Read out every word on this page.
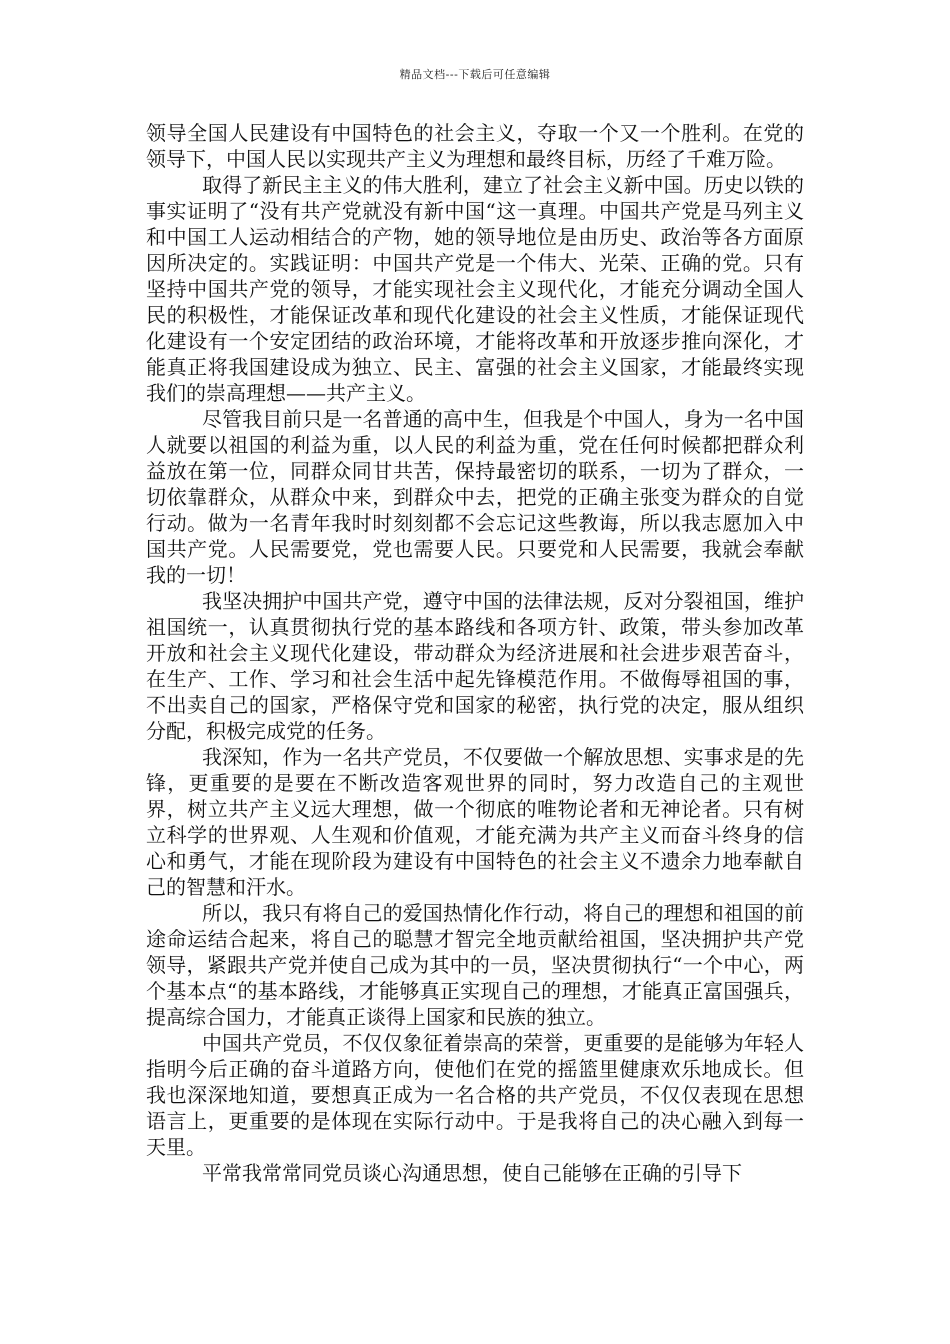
精品文档---下载后可任意编辑

领导全国人民建设有中国特色的社会主义，夺取一个又一个胜利。在党的领导下，中国人民以实现共产主义为理想和最终目标，历经了千难万险。

取得了新民主主义的伟大胜利，建立了社会主义新中国。历史以铁的事实证明了“没有共产党就没有新中国“这一真理。中国共产党是马列主义和中国工人运动相结合的产物，她的领导地位是由历史、政治等各方面原因所决定的。实践证明：中国共产党是一个伟大、光荣、正确的党。只有坚持中国共产党的领导，才能实现社会主义现代化，才能充分调动全国人民的积极性，才能保证改革和现代化建设的社会主义性质，才能保证现代化建设有一个安定团结的政治环境，才能将改革和开放逐步推向深化，才能真正将我国建设成为独立、民主、富强的社会主义国家，才能最终实现我们的崇高理想——共产主义。

尽管我目前只是一名普通的高中生，但我是个中国人，身为一名中国人就要以祖国的利益为重，以人民的利益为重，党在任何时候都把群众利益放在第一位，同群众同甘共苦，保持最密切的联系，一切为了群众，一切依靠群众，从群众中来，到群众中去，把党的正确主张变为群众的自觉行动。做为一名青年我时时刻刻都不会忘记这些教诲，所以我志愿加入中国共产党。人民需要党，党也需要人民。只要党和人民需要，我就会奉献我的一切！

我坚决拥护中国共产党，遵守中国的法律法规，反对分裂祖国，维护祖国统一，认真贯彻执行党的基本路线和各项方针、政策，带头参加改革开放和社会主义现代化建设，带动群众为经济进展和社会进步艰苦奋斗，在生产、工作、学习和社会生活中起先锋模范作用。不做侮辱祖国的事，不出卖自己的国家，严格保守党和国家的秘密，执行党的决定，服从组织分配，积极完成党的任务。

我深知，作为一名共产党员，不仅要做一个解放思想、实事求是的先锋，更重要的是要在不断改造客观世界的同时，努力改造自己的主观世界，树立共产主义远大理想，做一个彻底的唯物论者和无神论者。只有树立科学的世界观、人生观和价值观，才能充满为共产主义而奋斗终身的信心和勇气，才能在现阶段为建设有中国特色的社会主义不遗余力地奉献自己的智慧和汗水。

所以，我只有将自己的爱国热情化作行动，将自己的理想和祖国的前途命运结合起来，将自己的聪慧才智完全地贡献给祖国，坚决拥护共产党领导，紧跟共产党并使自己成为其中的一员，坚决贯彻执行“一个中心，两个基本点“的基本路线，才能够真正实现自己的理想，才能真正富国强兵，提高综合国力，才能真正谈得上国家和民族的独立。

中国共产党员，不仅仅象征着崇高的荣誉，更重要的是能够为年轻人指明今后正确的奋斗道路方向，使他们在党的摇篮里健康欢乐地成长。但我也深深地知道，要想真正成为一名合格的共产党员，不仅仅表现在思想语言上，更重要的是体现在实际行动中。于是我将自己的决心融入到每一天里。

平常我常常同党员谈心沟通思想，使自己能够在正确的引导下
